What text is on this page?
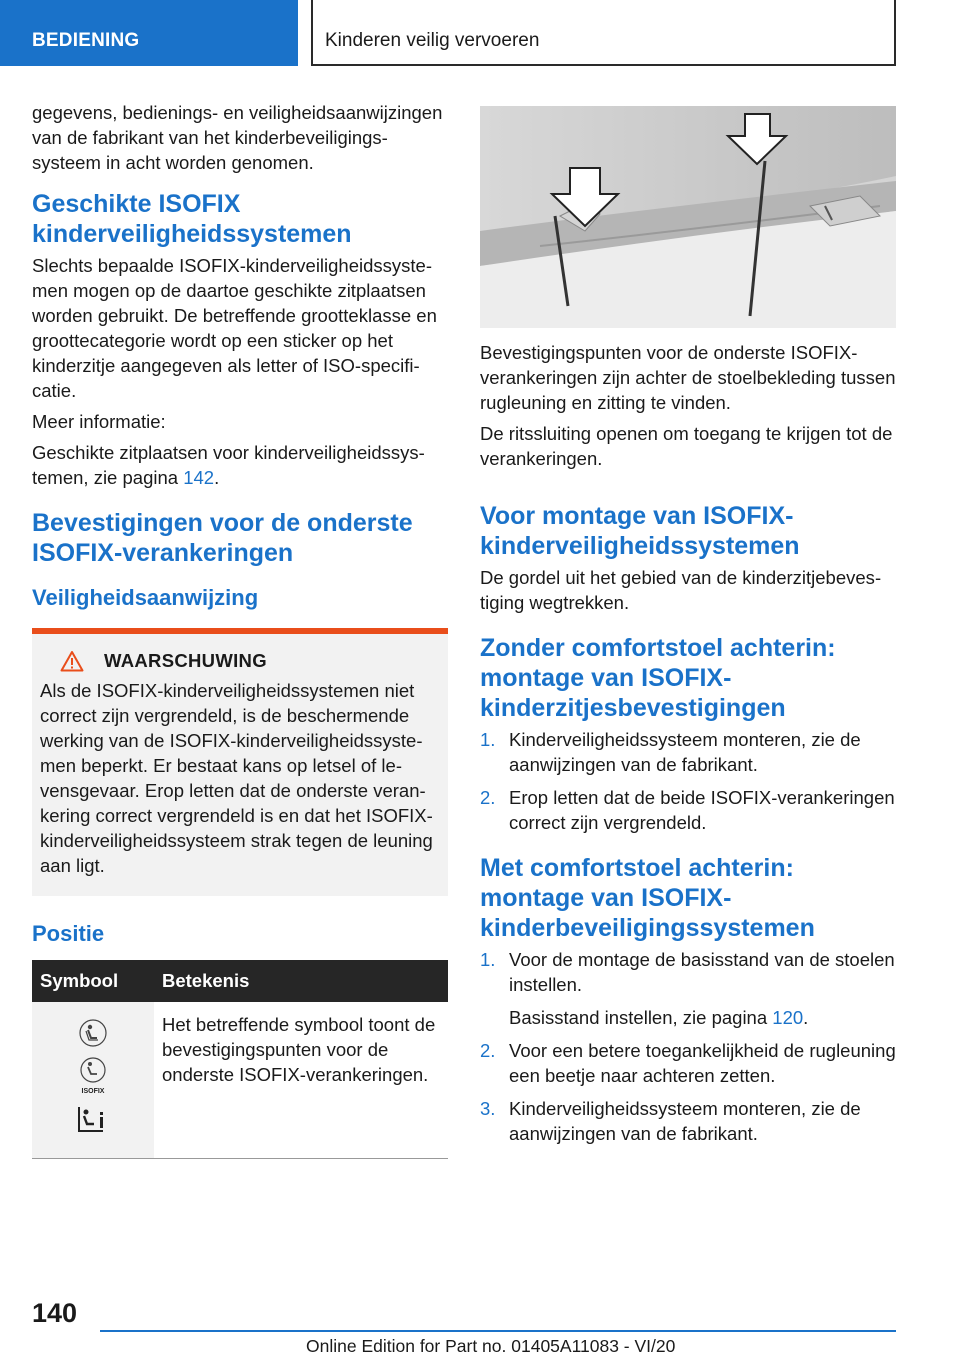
BEDIENING	Kinderen veilig vervoeren

gegevens, bedienings- en veiligheidsaanwijzingen van de fabrikant van het kinderbeveiligingssysteem in acht worden genomen.

Geschikte ISOFIX kinderveiligheidssystemen

Slechts bepaalde ISOFIX-kinderveiligheidssystemen mogen op de daartoe geschikte zitplaatsen worden gebruikt. De betreffende grootteklasse en groottecategorie wordt op een sticker op het kinderzitje aangegeven als letter of ISO-specificatie.

Meer informatie:

Geschikte zitplaatsen voor kinderveiligheidssystemen, zie pagina 142.

Bevestigingen voor de onderste ISOFIX-verankeringen
Veiligheidsaanwijzing
WAARSCHUWING

Als de ISOFIX-kinderveiligheidssystemen niet correct zijn vergrendeld, is de beschermende werking van de ISOFIX-kinderveiligheidssystemen beperkt. Er bestaat kans op letsel of levensgevaar. Erop letten dat de onderste verankering correct vergrendeld is en dat het ISOFIX-kinderveiligheidssysteem strak tegen de leuning aan ligt.

Positie
Symbool	Betekenis

ISOFIX	Het betreffende symbool toont de bevestigingspunten voor de onderste ISOFIX-verankeringen.

Bevestigingspunten voor de onderste ISOFIX-verankeringen zijn achter de stoelbekleding tussen rugleuning en zitting te vinden.

De ritssluiting openen om toegang te krijgen tot de verankeringen.

Voor montage van ISOFIX-kinderveiligheidssystemen

De gordel uit het gebied van de kinderzitjebevestiging wegtrekken.

Zonder comfortstoel achterin: montage van ISOFIX-kinderzitjesbevestigingen
1. Kinderveiligheidssysteem monteren, zie de aanwijzingen van de fabrikant.
2. Erop letten dat de beide ISOFIX-verankeringen correct zijn vergrendeld.
Met comfortstoel achterin: montage van ISOFIX-kinderbeveiligingssystemen
1. Voor de montage de basisstand van de stoelen instellen.
Basisstand instellen, zie pagina 120.
2. Voor een betere toegankelijkheid de rugleuning een beetje naar achteren zetten.
3. Kinderveiligheidssysteem monteren, zie de aanwijzingen van de fabrikant.
140
Online Edition for Part no. 01405A11083 - VI/20
